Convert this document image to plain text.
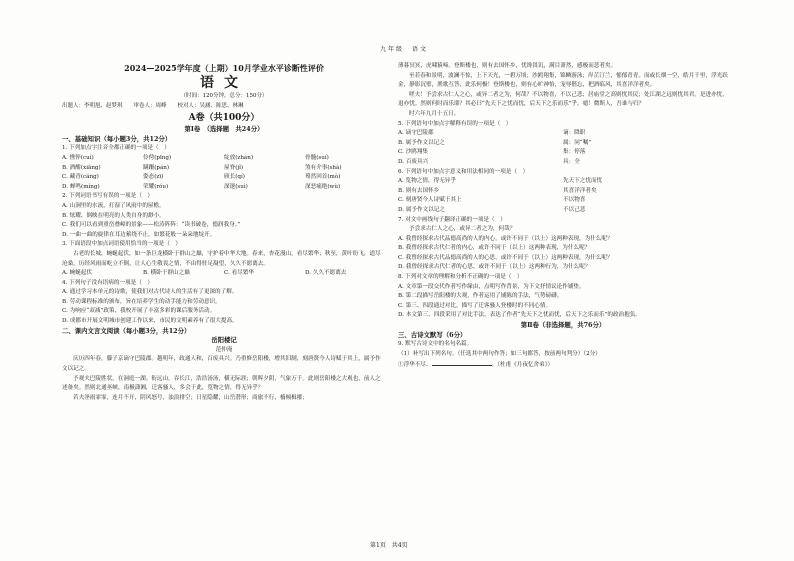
九年级　 语文
2024—2025学年度（上期）10月学业水平诊断性评价
语文
（时间：120分钟，总分：150分）
出题人：李明旭、赵梦琪　　审卷人：周峰　　校对人：吴涵、陈思、林琳
A卷（共100分）
第Ⅰ卷　（选择题　共24分）
一、基础知识（每小题3分，共12分）

1. 下列加点字注音全都正确的一项是（　）

A. 憔悴(cuì)	伶俜(pīng)	绽放(zhàn)	骨髓(suí)
B. 酒酣(xiāng)	蹒跚(pán)	屋脊(jǐ)	煞有介事(shà)
C. 藏青(cáng)	姿态(zī)	颀长(qí)	蓦然回首(mò)
D. 蝉鸣(míng)	荣耀(róu)	深邃(suì)	深恶痛绝(wù)

2. 下列词语书写有误的一项是（　）

A. 山涧里的水流，打湿了风雨中的屋檐。

B. 炫耀、倒映在明亮的人类自身的渺小。

C. 我们可以看到重峦叠嶂的景象——松涛阵阵：“读书破卷，德润我身。”

D. 一曲一曲的旋律在耳边萦绕不止，如繁花般一朵朵地绽开。

3. 下面语段中加点词语使用恰当的一项是（　）

古老的长城，蜿蜒起伏，如一条巨龙横卧于群山之巅，守护着中华大地。春来，杏花漫山，看尽繁华；秋至，黄叶纷飞，道尽沧桑。历经风雨而屹立不倒，让人心生敬畏之情，不由得驻足凝望，久久不愿离去。

A. 蜿蜒起伏	B. 横卧于群山之巅	C. 看尽繁华	D. 久久不愿离去

4. 下列句子没有语病的一项是（　）

A. 通过学习本单元的诗歌，使我们对古代诗人的生活有了更深的了解。

B. 劳动课程标准的颁布，旨在培养学生的动手能力和劳动意识。

C. 为响应“双减”政策，我校开展了丰富多彩的课后服务活动。

D. 成都市开展文明城市创建工作以来，市民的文明素养有了很大提高。

二、课内文言文阅读（每小题3分，共12分）
岳阳楼记
范仲淹

庆历四年春，滕子京谪守巴陵郡。越明年，政通人和，百废具兴。乃重修岳阳楼，增其旧制，刻唐贤今人诗赋于其上，属予作文以记之。

予观夫巴陵胜状，在洞庭一湖。衔远山，吞长江，浩浩汤汤，横无际涯；朝晖夕阴，气象万千。此则岳阳楼之大观也，前人之述备矣。然则北通巫峡，南极潇湘，迁客骚人，多会于此，览物之情，得无异乎？

若夫淫雨霏霏，连月不开，阴风怒号，浊浪排空；日星隐耀，山岳潜形；商旅不行，樯倾楫摧；

薄暮冥冥，虎啸猿啼。登斯楼也，则有去国怀乡，忧谗畏讥，满目萧然，感极而悲者矣。

至若春和景明，波澜不惊，上下天光，一碧万顷；沙鸥翔集，锦鳞游泳；岸芷汀兰，郁郁青青。而或长烟一空，皓月千里，浮光跃金，静影沉璧，渔歌互答，此乐何极！登斯楼也，则有心旷神怡，宠辱偕忘，把酒临风，其喜洋洋者矣。

嗟夫！予尝求古仁人之心，或异二者之为，何哉？不以物喜，不以己悲；居庙堂之高则忧其民；处江湖之远则忧其君。是进亦忧，退亦忧。然则何时而乐耶？其必曰“先天下之忧而忧，后天下之乐而乐”乎。噫！微斯人，吾谁与归？

时六年九月十五日。

5. 下列语句中加点字解释有误的一项是（　）

A. 谪守巴陵郡	谪：降职
B. 属予作文以记之	属：同“嘱”
C. 沙鸥翔集	集：停落
D. 百废具兴	具：全

6. 下列语句中加点字意义和用法相同的一项是（　）

A. 览物之情，得无异乎	先天下之忧而忧
B. 则有去国怀乡	其喜洋洋者矣
C. 刻唐贤今人诗赋于其上	不以物喜
D. 属予作文以记之	不以己悲

7. 对文中画线句子翻译正确的一项是（　）

予尝求古仁人之心，或异二者之为，何哉？

A. 我曾经探求古代品德高尚的人的内心，或许不同于（以上）这两种表现，为什么呢？

B. 我曾经探求古代仁者的内心，或许不同于（以上）这两种表现，为什么呢？

C. 我曾经探求古代品德高尚的人的心思，或许不同于（以上）这两种表现，为什么呢？

D. 我曾经探求古代仁者的心思，或许不同于（以上）这两种行为，为什么呢？

8. 下列对文章的理解和分析不正确的一项是（　）

A. 文章第一段交代作者写作缘由，点明写作背景，为下文抒情议论作铺垫。

B. 第二段描写岳阳楼的大观，作者运用了铺陈的手法，气势磅礴。

C. 第三、四段通过对比，描写了迁客骚人登楼时的不同心情。

D. 本文第三、四段采用了对比手法，表达了作者“先天下之忧而忧，后天下之乐而乐”的政治抱负。

第Ⅱ卷（非选择题，共76分）
三、古诗文默写（6分）

9. 默写古诗文中的名句名篇。

（1）补写出下列名句。（任选其中两句作答；如三句都答，按前两句判分）（2分）

①浮华不尽、	。（杜甫《月夜忆舍弟》）

第1页　共4页
